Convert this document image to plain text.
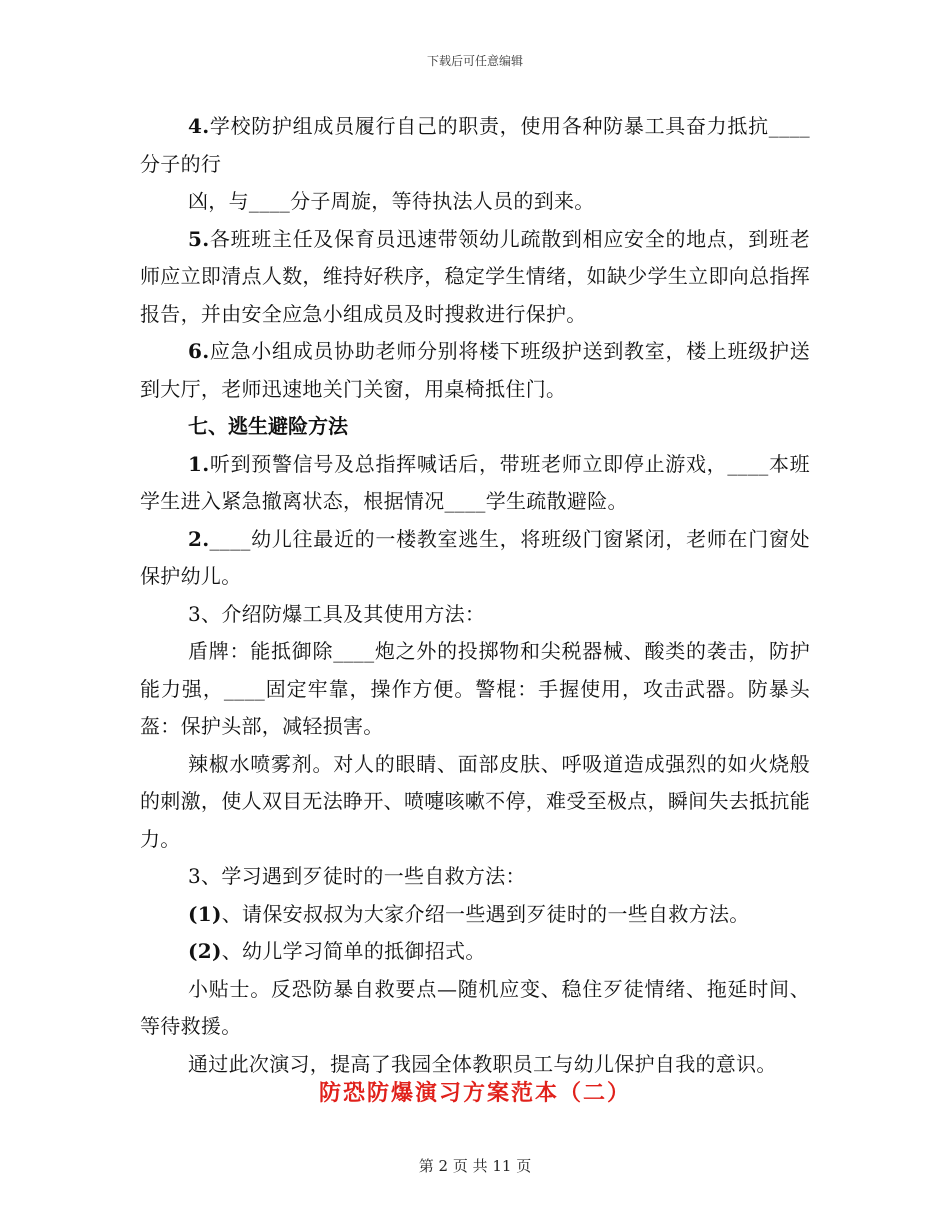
下载后可任意编辑

4.学校防护组成员履行自己的职责，使用各种防暴工具奋力抵抗____分子的行

凶，与____分子周旋，等待执法人员的到来。

5.各班班主任及保育员迅速带领幼儿疏散到相应安全的地点，到班老师应立即清点人数，维持好秩序，稳定学生情绪，如缺少学生立即向总指挥报告，并由安全应急小组成员及时搜救进行保护。

6.应急小组成员协助老师分别将楼下班级护送到教室，楼上班级护送到大厅，老师迅速地关门关窗，用桌椅抵住门。

七、逃生避险方法

1.听到预警信号及总指挥喊话后，带班老师立即停止游戏，____本班学生进入紧急撤离状态，根据情况____学生疏散避险。

2.____幼儿往最近的一楼教室逃生，将班级门窗紧闭，老师在门窗处保护幼儿。

3、介绍防爆工具及其使用方法：

盾牌：能抵御除____炮之外的投掷物和尖税器械、酸类的袭击，防护能力强，____固定牢靠，操作方便。警棍：手握使用，攻击武器。防暴头盔：保护头部，减轻损害。

辣椒水喷雾剂。对人的眼睛、面部皮肤、呼吸道造成强烈的如火烧般的刺激，使人双目无法睁开、喷嚏咳嗽不停，难受至极点，瞬间失去抵抗能力。

3、学习遇到歹徒时的一些自救方法：

(1)、请保安叔叔为大家介绍一些遇到歹徒时的一些自救方法。

(2)、幼儿学习简单的抵御招式。

小贴士。反恐防暴自救要点—随机应变、稳住歹徒情绪、拖延时间、等待救援。

通过此次演习，提高了我园全体教职员工与幼儿保护自我的意识。

防恐防爆演习方案范本（二）
第 2 页 共 11 页
